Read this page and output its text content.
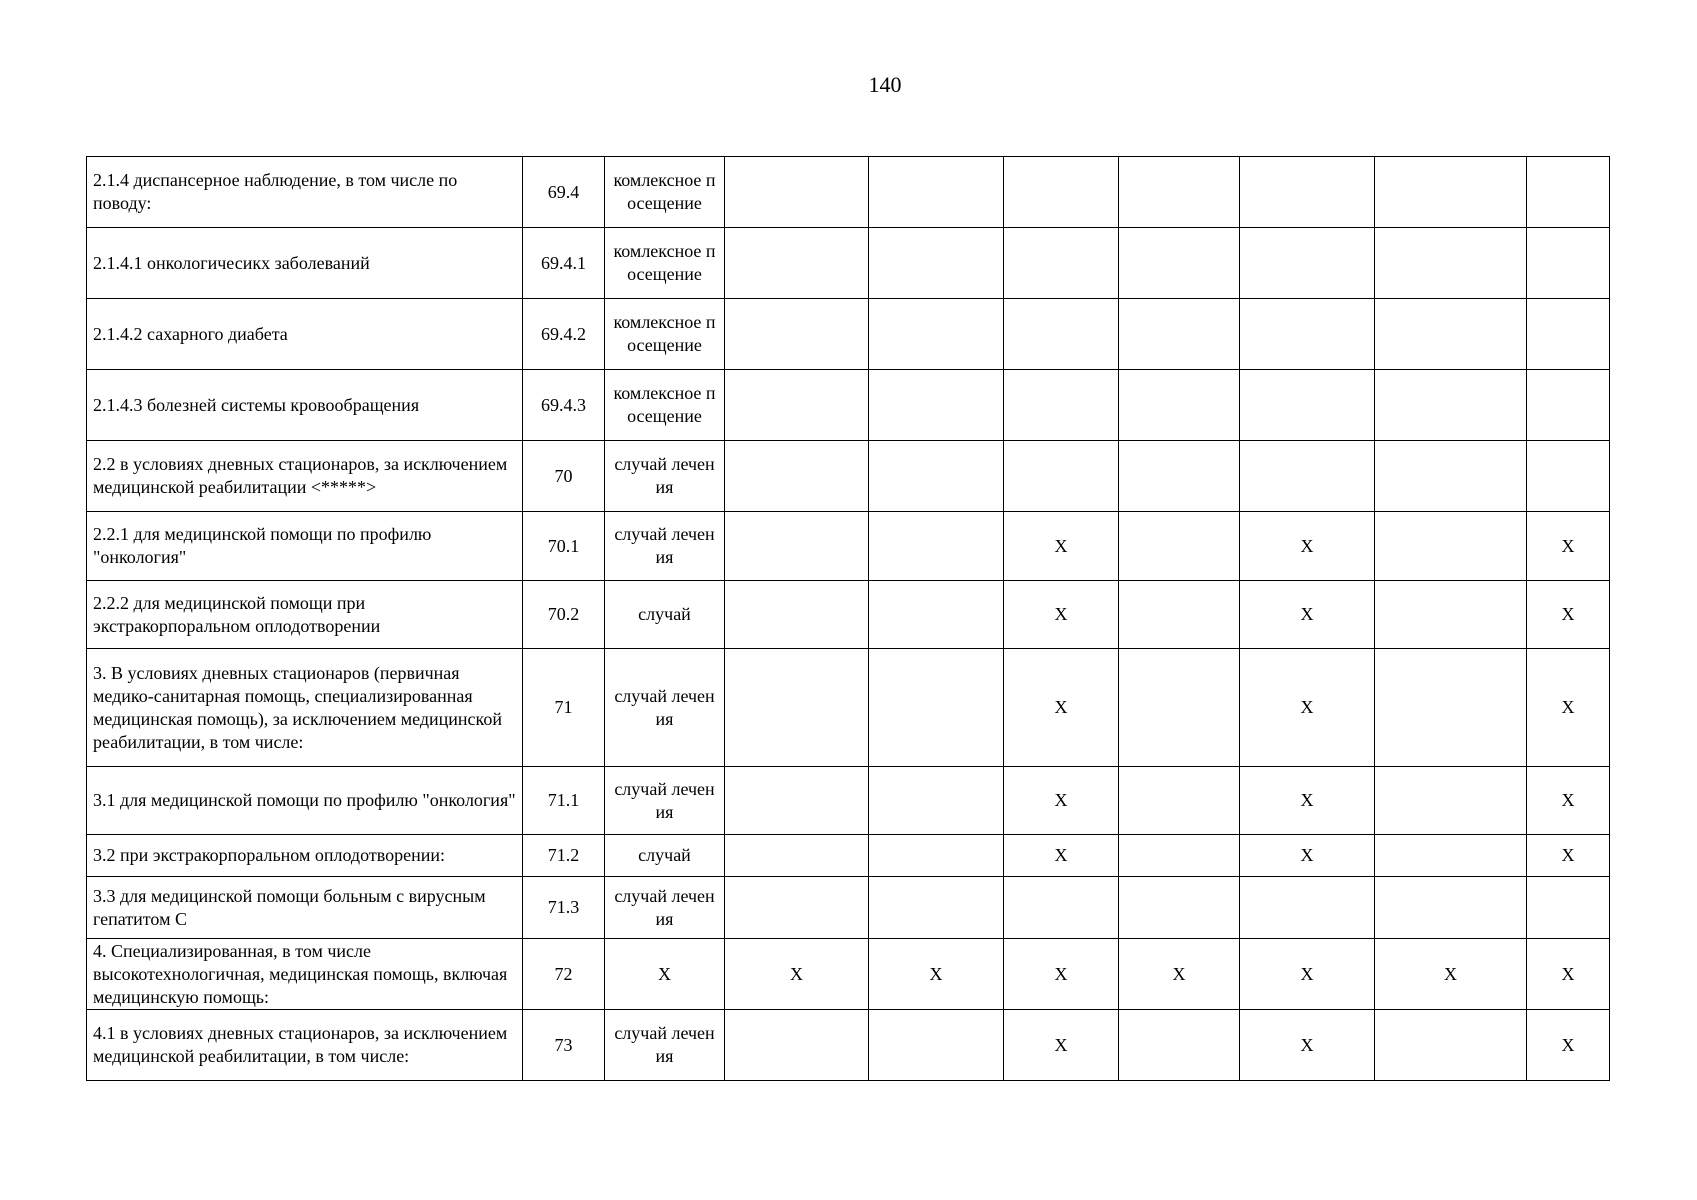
140
2.1.4 диспансерное наблюдение, в том числе по поводу:	69.4	комлексное посещение								
2.1.4.1 онкологичесикх заболеваний	69.4.1	комлексное посещение								
2.1.4.2 сахарного диабета	69.4.2	комлексное посещение								
2.1.4.3 болезней системы кровообращения	69.4.3	комлексное посещение								
2.2 в условиях дневных стационаров, за исключением медицинской реабилитации <*****>	70	случай лечения								
2.2.1 для медицинской помощи по профилю "онкология"	70.1	случай лечения			X		X		X	
2.2.2 для медицинской помощи при экстракорпоральном оплодотворении	70.2	случай			X		X		X	
3. В условиях дневных стационаров (первичная медико-санитарная помощь, специализированная медицинская помощь), за исключением медицинской реабилитации, в том числе:	71	случай лечения			X		X		X	
3.1 для медицинской помощи по профилю "онкология"	71.1	случай лечения			X		X		X	
3.2 при экстракорпоральном оплодотворении:	71.2	случай			X		X		X	
3.3 для медицинской помощи больным с вирусным гепатитом С	71.3	случай лечения								
4. Специализированная, в том числе высокотехнологичная, медицинская помощь, включая медицинскую помощь:	72	X	X	X	X	X	X	X	X	
4.1 в условиях дневных стационаров, за исключением медицинской реабилитации, в том числе:	73	случай лечения			X		X		X	
